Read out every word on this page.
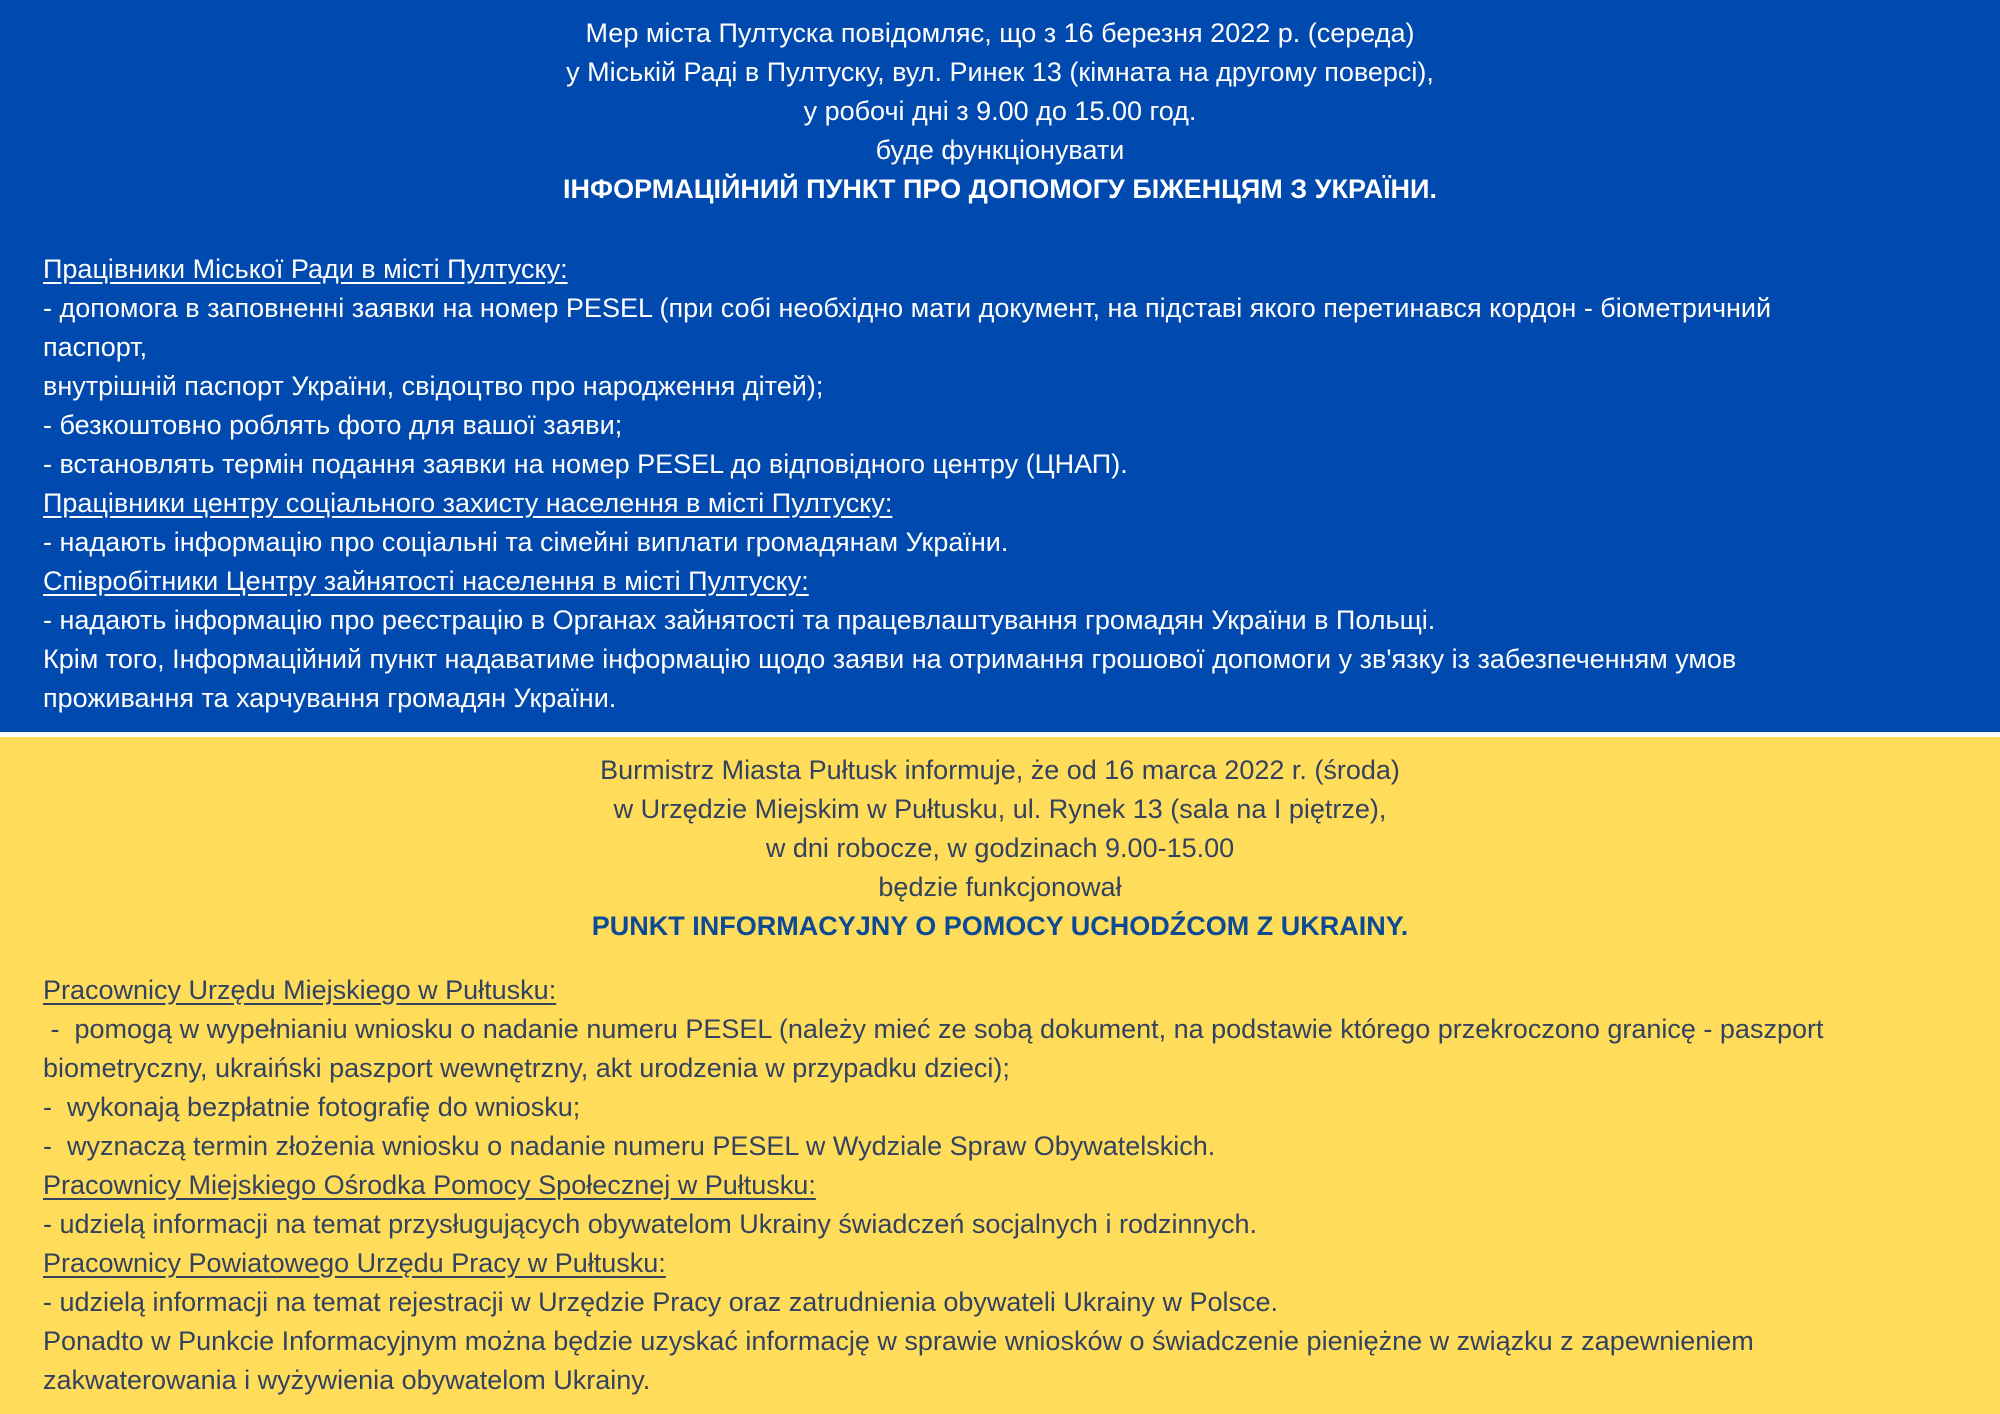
Мер міста Пултуска повідомляє, що з 16 березня 2022 р. (середа)
у Міській Раді в Пултуску, вул. Ринек 13 (кімната на другому поверсі),
у робочі дні з 9.00 до 15.00 год.
буде функціонувати
ІНФОРМАЦІЙНИЙ ПУНКТ ПРО ДОПОМОГУ БІЖЕНЦЯМ З УКРАЇНИ.
Працівники Міської Ради в місті Пултуску:
- допомога в заповненні заявки на номер PESEL (при собі необхідно мати документ, на підставі якого перетинався кордон - біометричний
паспорт,
внутрішній паспорт України, свідоцтво про народження дітей);
- безкоштовно роблять фото для вашої заяви;
- встановлять термін подання заявки на номер PESEL до відповідного центру (ЦНАП).
Працівники центру соціального захисту населення в місті Пултуску:
- надають інформацію про соціальні та сімейні виплати громадянам України.
Співробітники Центру зайнятості населення в місті Пултуску:
- надають інформацію про реєстрацію в Органах зайнятості та працевлаштування громадян України в Польщі.
Крім того, Інформаційний пункт надаватиме інформацію щодо заяви на отримання грошової допомоги у зв'язку із забезпеченням умов
проживання та харчування громадян України.
Burmistrz Miasta Pułtusk informuje, że od 16 marca 2022 r. (środa)
w Urzędzie Miejskim w Pułtusku, ul. Rynek 13 (sala na I piętrze),
w dni robocze, w godzinach 9.00-15.00
będzie funkcjonował
PUNKT INFORMACYJNY O POMOCY UCHODŹCOM Z UKRAINY.
Pracownicy Urzędu Miejskiego w Pułtusku:
-  pomogą w wypełnianiu wniosku o nadanie numeru PESEL (należy mieć ze sobą dokument, na podstawie którego przekroczono granicę - paszport
biometryczny, ukraiński paszport wewnętrzny, akt urodzenia w przypadku dzieci);
-  wykonają bezpłatnie fotografię do wniosku;
-  wyznaczą termin złożenia wniosku o nadanie numeru PESEL w Wydziale Spraw Obywatelskich.
Pracownicy Miejskiego Ośrodka Pomocy Społecznej w Pułtusku:
- udzielą informacji na temat przysługujących obywatelom Ukrainy świadczeń socjalnych i rodzinnych.
Pracownicy Powiatowego Urzędu Pracy w Pułtusku:
- udzielą informacji na temat rejestracji w Urzędzie Pracy oraz zatrudnienia obywateli Ukrainy w Polsce.
Ponadto w Punkcie Informacyjnym można będzie uzyskać informację w sprawie wniosków o świadczenie pieniężne w związku z zapewnieniem
zakwaterowania i wyżywienia obywatelom Ukrainy.
